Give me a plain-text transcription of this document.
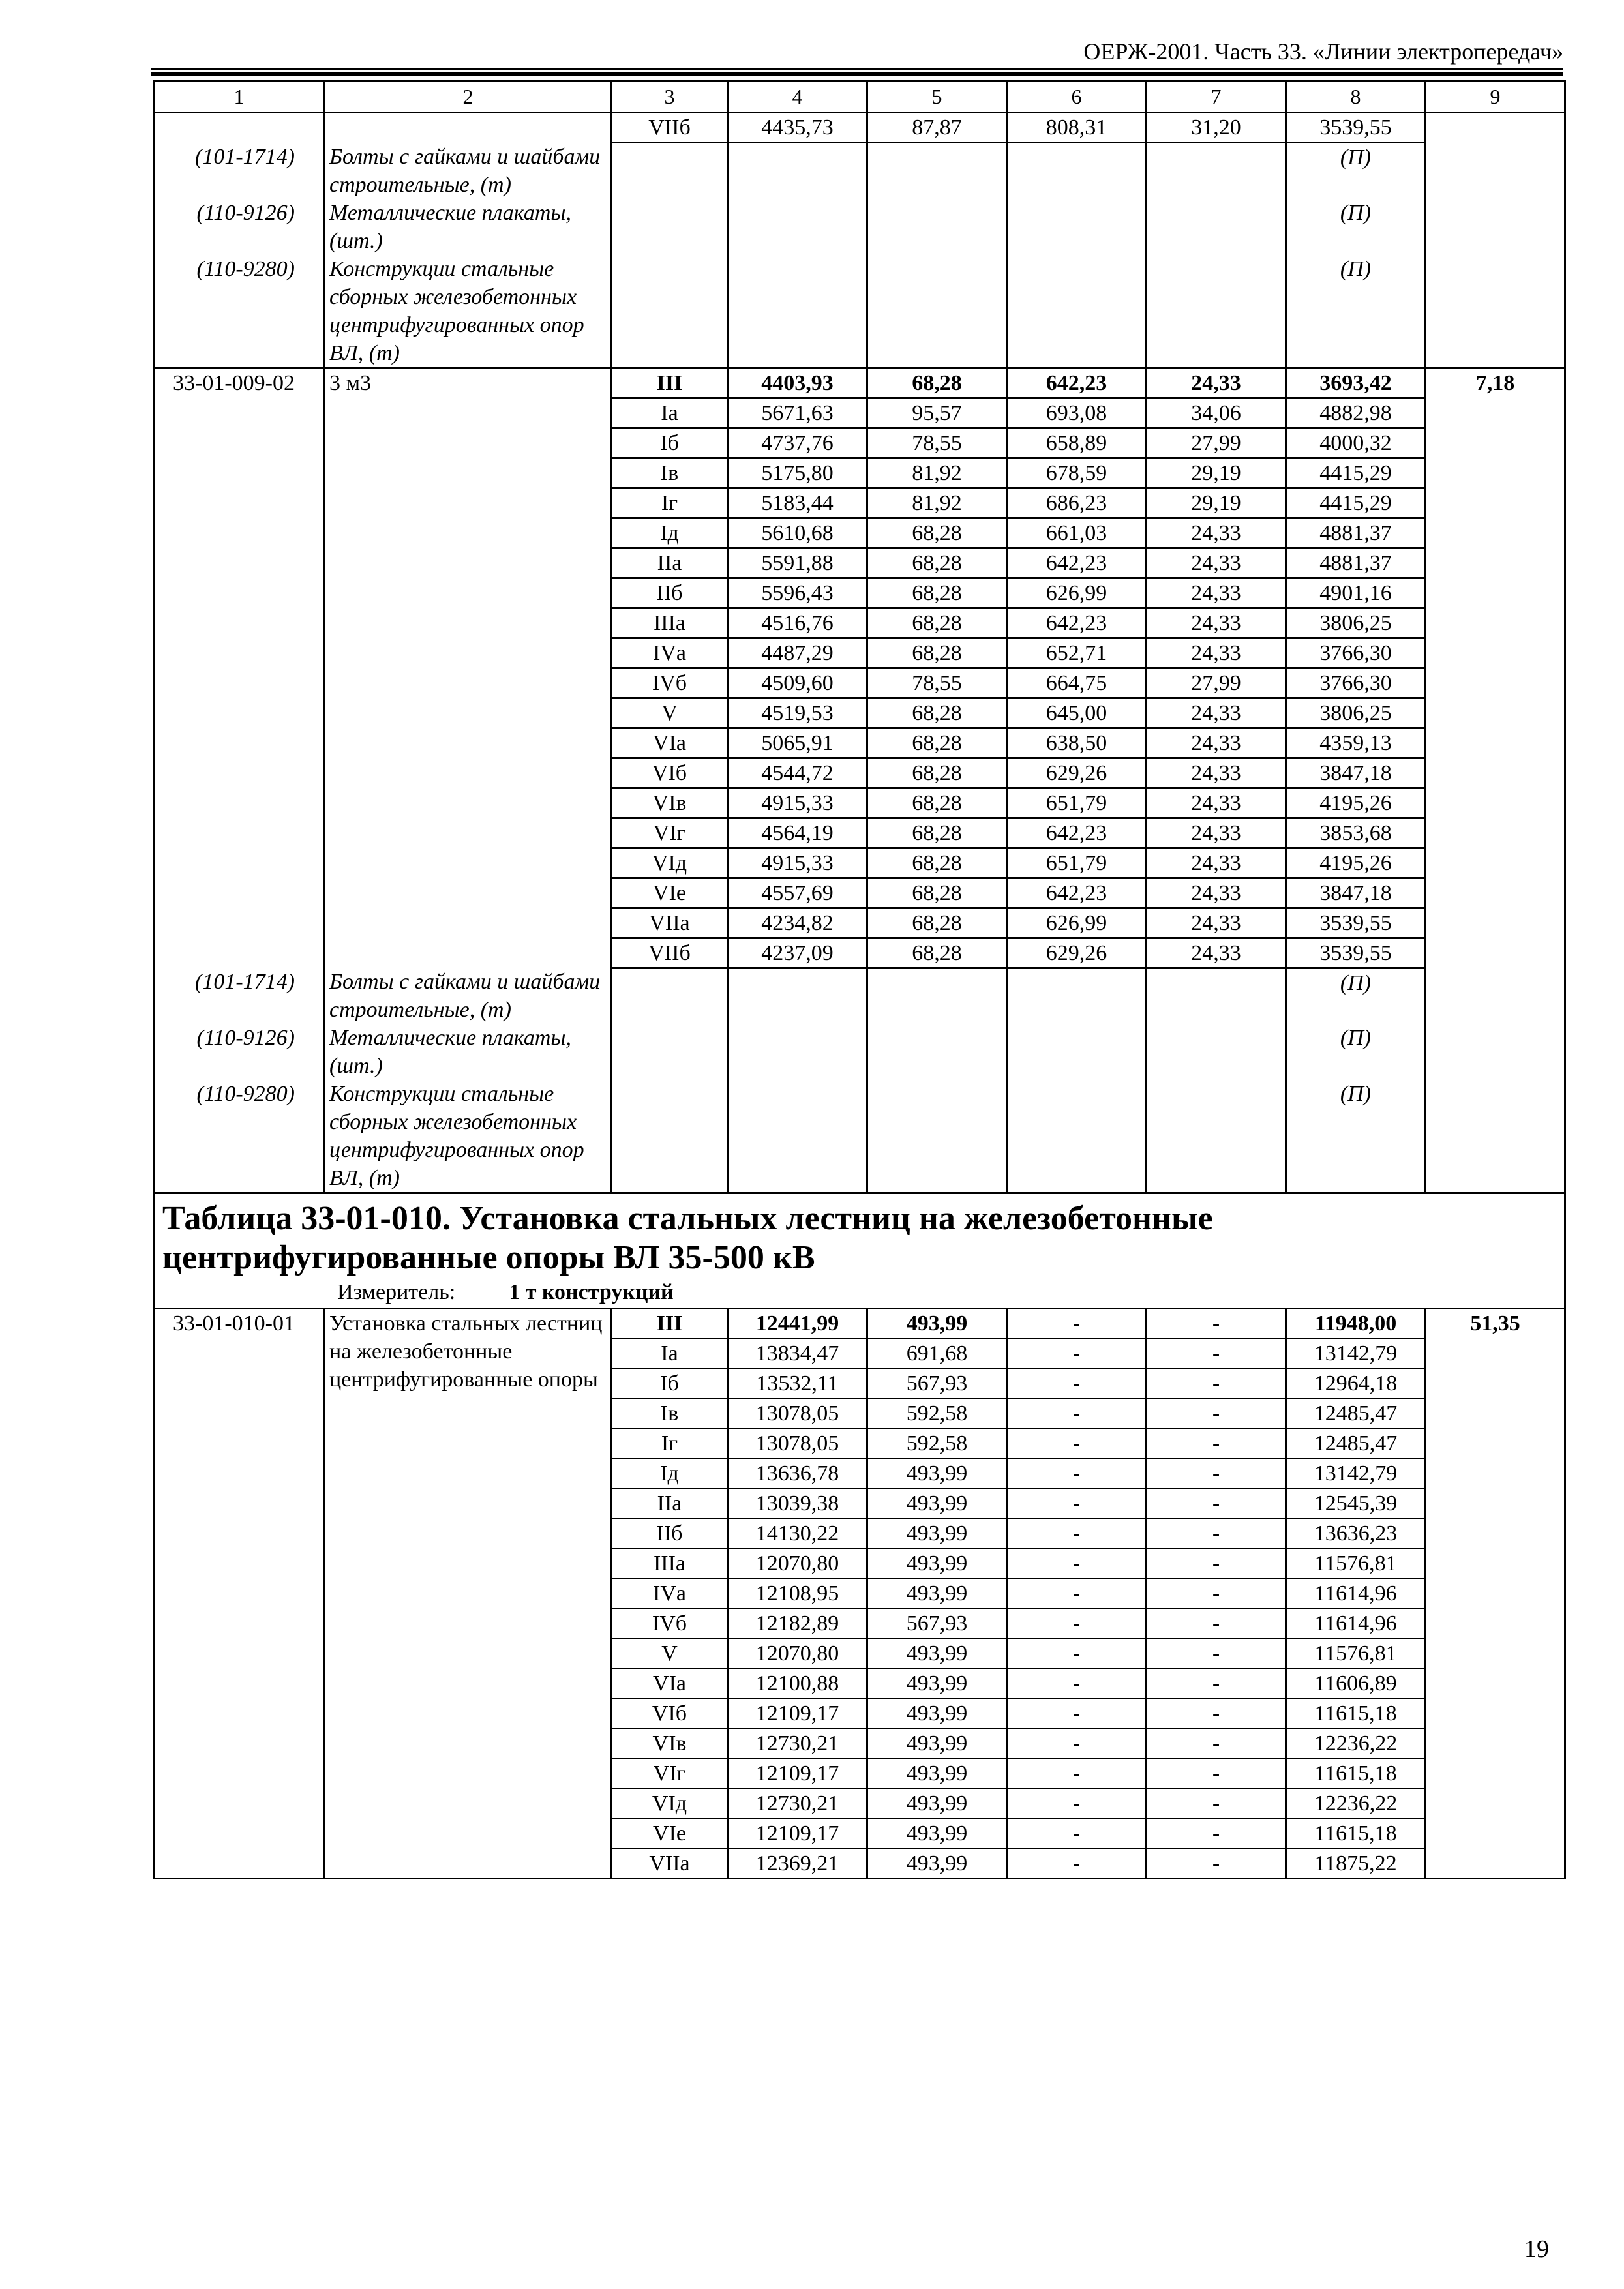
ОЕРЖ-2001. Часть 33. «Линии электропередач»
1	2	3	4	5	6	7	8	9
		VIIб	4435,73	87,87	808,31	31,20	3539,55	
(101-1714)	Болты с гайками и шайбами строительные, (т)						(П)	
(110-9126)	Металлические плакаты, (шт.)						(П)	
(110-9280)	Конструкции стальные сборных железобетонных центрифугированных опор ВЛ, (т)						(П)	
33-01-009-02	3 м3	III	4403,93	68,28	642,23	24,33	3693,42	7,18
		Iа	5671,63	95,57	693,08	34,06	4882,98	
		Iб	4737,76	78,55	658,89	27,99	4000,32	
		Iв	5175,80	81,92	678,59	29,19	4415,29	
		Iг	5183,44	81,92	686,23	29,19	4415,29	
		Iд	5610,68	68,28	661,03	24,33	4881,37	
		IIа	5591,88	68,28	642,23	24,33	4881,37	
		IIб	5596,43	68,28	626,99	24,33	4901,16	
		IIIа	4516,76	68,28	642,23	24,33	3806,25	
		IVа	4487,29	68,28	652,71	24,33	3766,30	
		IVб	4509,60	78,55	664,75	27,99	3766,30	
		V	4519,53	68,28	645,00	24,33	3806,25	
		VIа	5065,91	68,28	638,50	24,33	4359,13	
		VIб	4544,72	68,28	629,26	24,33	3847,18	
		VIв	4915,33	68,28	651,79	24,33	4195,26	
		VIг	4564,19	68,28	642,23	24,33	3853,68	
		VIд	4915,33	68,28	651,79	24,33	4195,26	
		VIе	4557,69	68,28	642,23	24,33	3847,18	
		VIIа	4234,82	68,28	626,99	24,33	3539,55	
		VIIб	4237,09	68,28	629,26	24,33	3539,55	
(101-1714)	Болты с гайками и шайбами строительные, (т)						(П)	
(110-9126)	Металлические плакаты, (шт.)						(П)	
(110-9280)	Конструкции стальные сборных железобетонных центрифугированных опор ВЛ, (т)						(П)	

Таблица 33-01-010. Установка стальных лестниц на железобетонные центрифугированные опоры ВЛ 35-500 кВ
Измеритель: 1 т конструкций								

33-01-010-01	Установка стальных лестниц на железобетонные центрифугированные опоры	III	12441,99	493,99	-	-	11948,00	51,35
		Iа	13834,47	691,68	-	-	13142,79	
		Iб	13532,11	567,93	-	-	12964,18	
		Iв	13078,05	592,58	-	-	12485,47	
		Iг	13078,05	592,58	-	-	12485,47	
		Iд	13636,78	493,99	-	-	13142,79	
		IIа	13039,38	493,99	-	-	12545,39	
		IIб	14130,22	493,99	-	-	13636,23	
		IIIа	12070,80	493,99	-	-	11576,81	
		IVа	12108,95	493,99	-	-	11614,96	
		IVб	12182,89	567,93	-	-	11614,96	
		V	12070,80	493,99	-	-	11576,81	
		VIа	12100,88	493,99	-	-	11606,89	
		VIб	12109,17	493,99	-	-	11615,18	
		VIв	12730,21	493,99	-	-	12236,22	
		VIг	12109,17	493,99	-	-	11615,18	
		VIд	12730,21	493,99	-	-	12236,22	
		VIе	12109,17	493,99	-	-	11615,18	
		VIIа	12369,21	493,99	-	-	11875,22	
19
